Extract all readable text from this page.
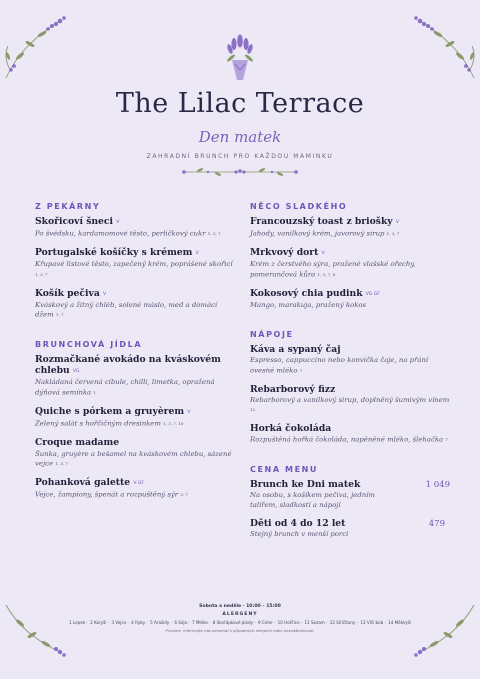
The Lilac Terrace
Den matek
ZAHRADNÍ BRUNCH PRO KAŽDOU MAMINKU
Z PEKÁRNY
Skořicoví šneci V
Po švédsku, kardamomové těsto, perličkový cukr 1, 3, 7
Portugalské košíčky s krémem V
Křupavé listové těsto, zapečený krém, poprášené skořicí 1, 3, 7
Košík pečiva V
Kváskový a žitný chléb, solené máslo, med a domácí džem 1, 7
BRUNCHOVÁ JÍDLA
Rozmačkané avokádo na kváskovém chlebu VG
Nakládaná červená cibule, chilli, limetka, opražená dýňová semínka 1
Quiche s pórkem a gruyèrem V
Zelený salát s hořčičným dresinkem 1, 3, 7, 10
Croque madame
Šunka, gruyère a bešamel na kváskovém chlebu, sázené vejce 1, 3, 7
Pohanková galette V GF
Vejce, žampiony, špenát a rozpuštěný sýr 3, 7
NĚCO SLADKÉHO
Francouzský toast z briošky V
Jahody, vanilkový krém, javorový sirup 1, 3, 7
Mrkvový dort V
Krém z čerstvého sýra, pražené vlašské ořechy, pomerančová kůra 1, 3, 7, 8
Kokosový chia pudink VG GF
Mango, marakuja, pražený kokos
NÁPOJE
Káva a sypaný čaj
Espresso, cappuccino nebo konvička čaje, na přání ovesné mléko 7
Rebarborový fizz
Rebarborový a vanilkový sirup, doplněný šumivým vínem 12
Horká čokoláda
Rozpuštěná hořká čokoláda, napěněné mléko, šlehačka 7
CENA MENU
Brunch ke Dni matek	1 049
Na osobu, s košíkem pečiva, jedním talířem, sladkostí a nápojí
Děti od 4 do 12 let	479
Stejný brunch v menší porci
Sobota a neděle · 10:00 – 15:00
ALERGENY
1 Lepek· 2 Korýši· 3 Vejce· 4 Ryby· 5 Arašídy· 6 Sója· 7 Mléko· 8 Skořápkové plody· 9 Celer· 10 Hořčice· 11 Sezam· 12 Siřičitany· 13 Vlčí bob· 14 Měkkýši
Prosíme, informujte nás personál o případných alergiích nebo nesnášenlivosti.
